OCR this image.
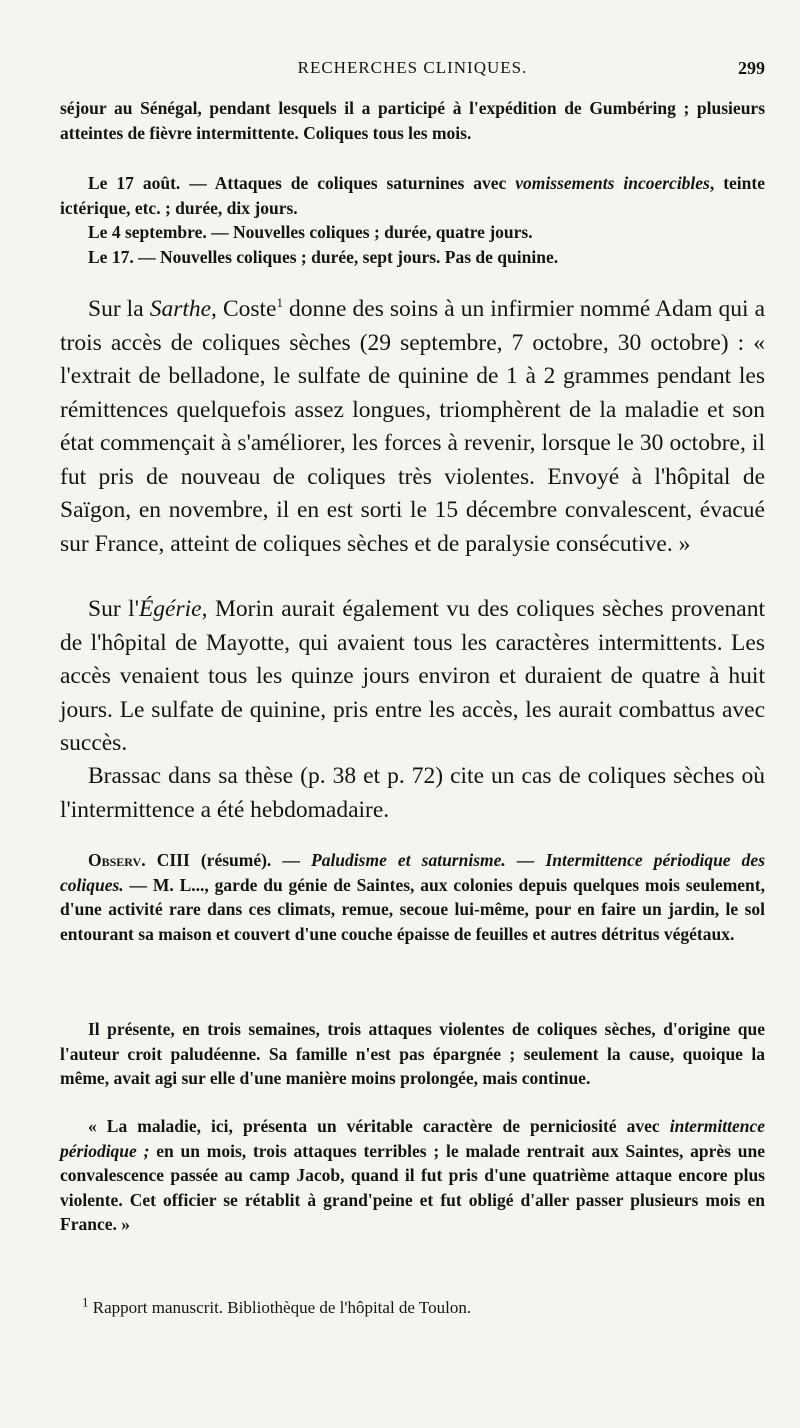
RECHERCHES CLINIQUES.	299

séjour au Sénégal, pendant lesquels il a participé à l'expédition de Gumbéring ; plusieurs atteintes de fièvre intermittente. Coliques tous les mois.

Le 17 août. — Attaques de coliques saturnines avec vomissements incoercibles, teinte ictérique, etc. ; durée, dix jours.

Le 4 septembre. — Nouvelles coliques ; durée, quatre jours.

Le 17. — Nouvelles coliques ; durée, sept jours. Pas de quinine.

Sur la Sarthe, Coste$^1$ donne des soins à un infirmier nommé Adam qui a trois accès de coliques sèches (29 septembre, 7 octobre, 30 octobre) : « l'extrait de belladone, le sulfate de quinine de 1 à 2 grammes pendant les rémittences quelquefois assez longues, triomphèrent de la maladie et son état commençait à s'améliorer, les forces à revenir, lorsque le 30 octobre, il fut pris de nouveau de coliques très violentes. Envoyé à l'hôpital de Saïgon, en novembre, il en est sorti le 15 décembre convalescent, évacué sur France, atteint de coliques sèches et de paralysie consécutive. »

Sur l'Égérie, Morin aurait également vu des coliques sèches provenant de l'hôpital de Mayotte, qui avaient tous les caractères intermittents. Les accès venaient tous les quinze jours environ et duraient de quatre à huit jours. Le sulfate de quinine, pris entre les accès, les aurait combattus avec succès.

Brassac dans sa thèse (p. 38 et p. 72) cite un cas de coliques sèches où l'intermittence a été hebdomadaire.

Observ. CIII (résumé). — Paludisme et saturnisme. — Intermittence périodique des coliques. — M. L..., garde du génie de Saintes, aux colonies depuis quelques mois seulement, d'une activité rare dans ces climats, remue, secoue lui-même, pour en faire un jardin, le sol entourant sa maison et couvert d'une couche épaisse de feuilles et autres détritus végétaux.

Il présente, en trois semaines, trois attaques violentes de coliques sèches, d'origine que l'auteur croit paludéenne. Sa famille n'est pas épargnée ; seulement la cause, quoique la même, avait agi sur elle d'une manière moins prolongée, mais continue.

« La maladie, ici, présenta un véritable caractère de perniciosité avec intermittence périodique ; en un mois, trois attaques terribles ; le malade rentrait aux Saintes, après une convalescence passée au camp Jacob, quand il fut pris d'une quatrième attaque encore plus violente. Cet officier se rétablit à grand'peine et fut obligé d'aller passer plusieurs mois en France. »

$^1$ Rapport manuscrit. Bibliothèque de l'hôpital de Toulon.
